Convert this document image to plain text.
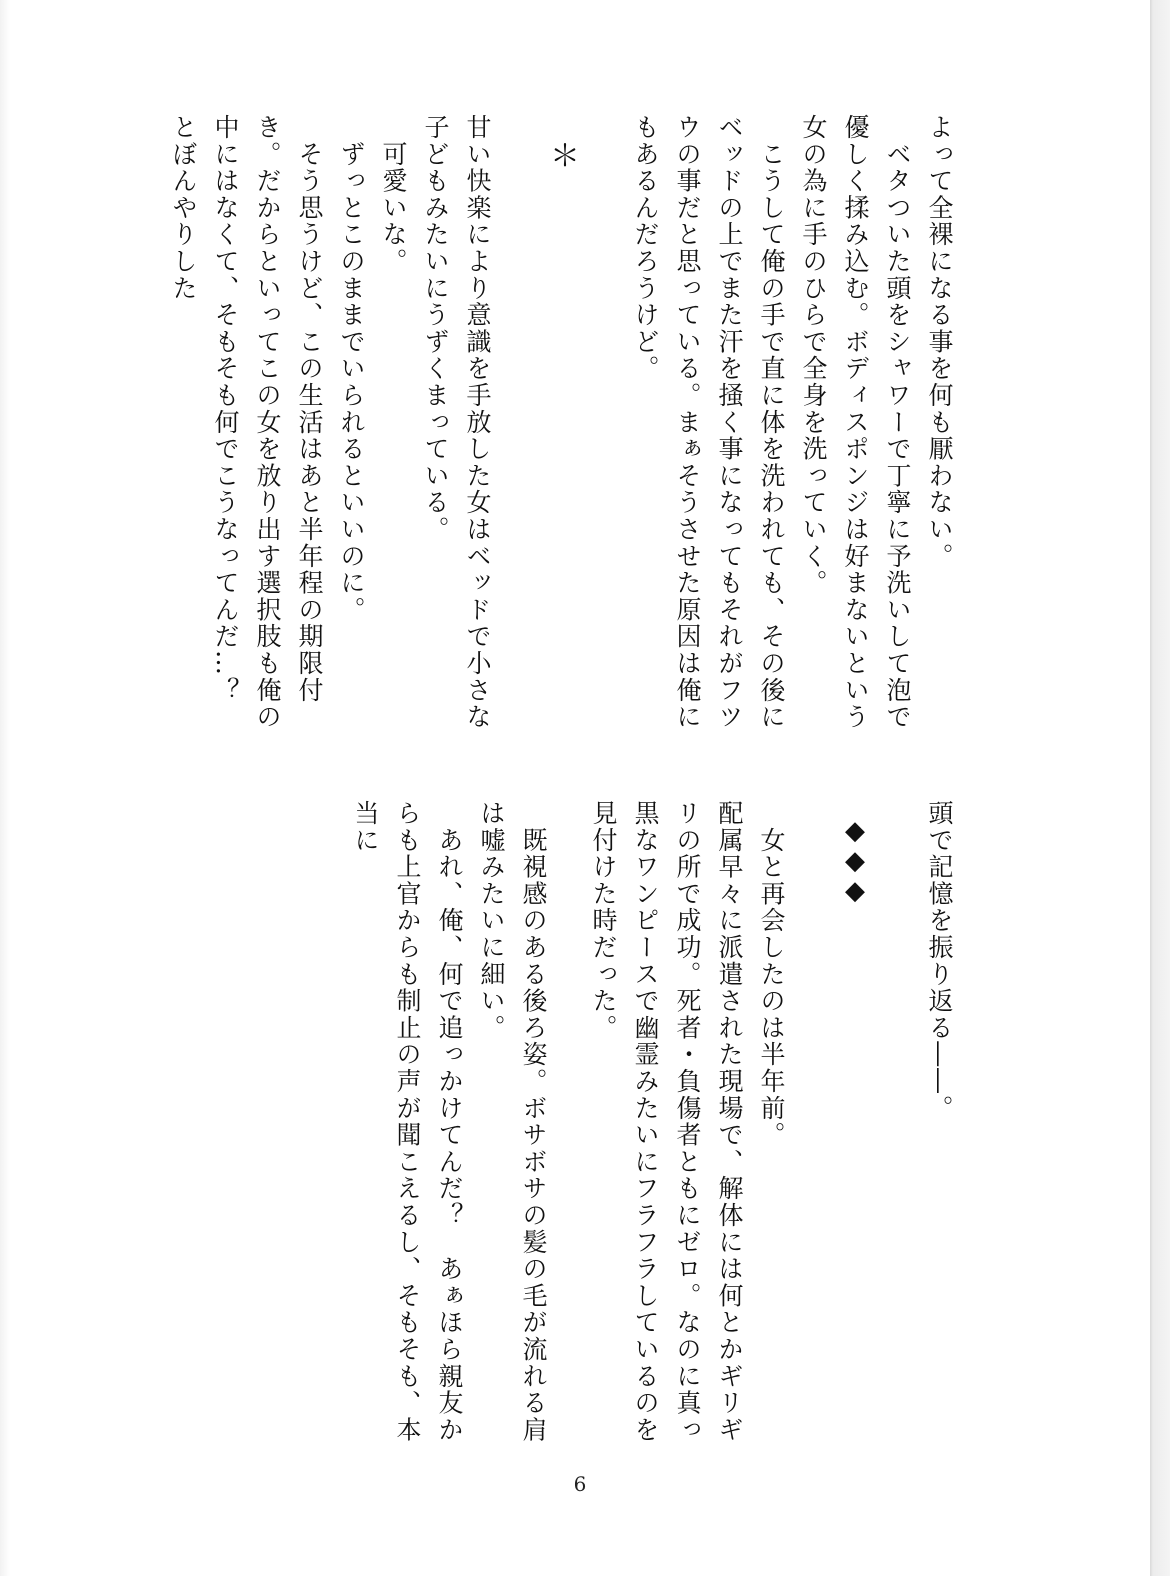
よって全裸になる事を何も厭わない。
　ベタついた頭をシャワーで丁寧に予洗いして泡で優しく揉み込む。ボディスポンジは好まないという女の為に手のひらで全身を洗っていく。
　こうして俺の手で直に体を洗われても、その後にベッドの上でまた汗を掻く事になってもそれがフツウの事だと思っている。まぁそうさせた原因は俺にもあるんだろうけど。
＊
甘い快楽により意識を手放した女はベッドで小さな子どもみたいにうずくまっている。
　可愛いな。
　ずっとこのままでいられるといいのに。
　そう思うけど、この生活はあと半年程の期限付き。だからといってこの女を放り出す選択肢も俺の中にはなくて、そもそも何でこうなってんだ…？　とぼんやりした
頭で記憶を振り返る――。
◆◆◆
　女と再会したのは半年前。
配属早々に派遣された現場で、解体には何とかギリギリの所で成功。死者・負傷者ともにゼロ。なのに真っ黒なワンピースで幽霊みたいにフラフラしているのを見付けた時だった。
　既視感のある後ろ姿。ボサボサの髪の毛が流れる肩は嘘みたいに細い。
　あれ、俺、何で追っかけてんだ？　あぁほら親友からも上官からも制止の声が聞こえるし、そもそも、本当に
6
